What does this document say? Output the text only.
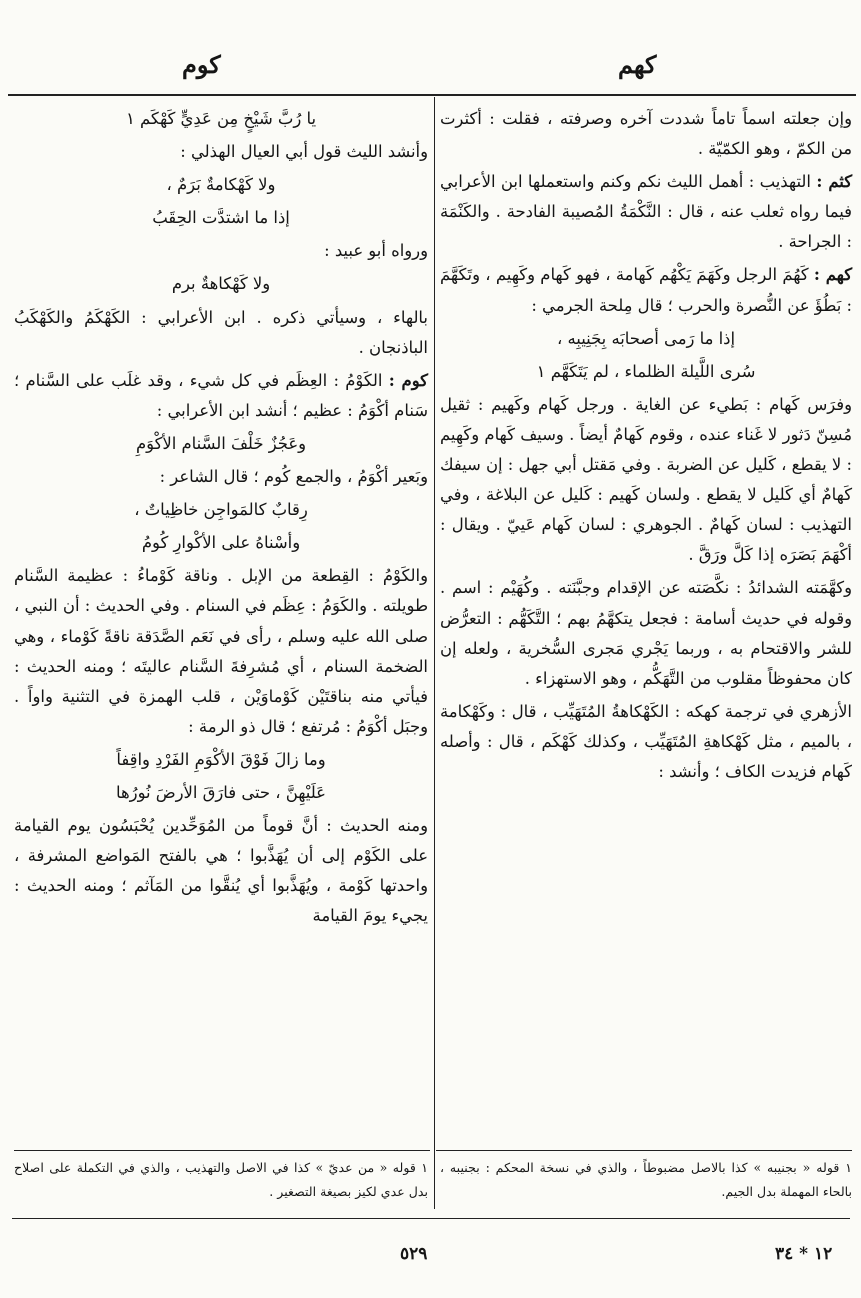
كهم
كوم

وإن جعلته اسماً تاماً شددت آخره وصرفته ، فقلت : أكثرت من الكمّ ، وهو الكمّيّة .

كثم : التهذيب : أهمل الليث نكم وكنم واستعملها ابن الأعرابي فيما رواه ثعلب عنه ، قال : النَّكْمَةُ المُصيبة الفادحة . والكَنْمَة : الجراحة .

كهم : كَهُمَ الرجل وكَهَمَ يَكْهُم كَهامة ، فهو كَهام وكَهِيم ، وتَكَهَّمَ : بَطُؤَ عن النُّصرة والحرب ؛ قال مِلحة الجرمي :

إذا ما رَمى أصحابَه بِجَنِيبِه ،

سُرى اللَّيلة الظلماء ، لم يَتَكَهَّم ١

وفرَس كَهام : بَطيء عن الغاية . ورجل كَهام وكَهيم : ثقيل مُسِنّ دَثور لا غَناء عنده ، وقوم كَهامٌ أيضاً . وسيف كَهام وكَهِيم : لا يقطع ، كَليل عن الضربة . وفي مَقتل أبي جهل : إن سيفك كَهامٌ أي كَليل لا يقطع . ولسان كَهيم : كَليل عن البلاغة ، وفي التهذيب : لسان كَهامٌ . الجوهري : لسان كَهام عَييّ . ويقال : أكْهَمَ بَصَرَه إذا كَلَّ ورَقَّ .

وكهَّمَته الشدائدُ : نكَّصَته عن الإقدام وجبَّنَته . وكُهَيْم : اسم . وقوله في حديث أسامة : فجعل يتكهَّمُ بهم ؛ التَّكَهُّم : التعرُّض للشر والاقتحام به ، وربما يَجْري مَجرى السُّخرية ، ولعله إن كان محفوظاً مقلوب من التَّهَكُّم ، وهو الاستهزاء .

الأزهري في ترجمة كهكه : الكَهْكاهةُ المُتَهَيِّب ، قال : وكَهْكامة ، بالميم ، مثل كَهْكاهةِ المُتَهَيِّب ، وكذلك كَهْكَم ، قال : وأصله كَهام فزيدت الكاف ؛ وأنشد :

يا رُبَّ شَيْخٍ مِن عَدِيٍّ كَهْكَم ١

وأنشد الليث قول أبي العيال الهذلي :

ولا كَهْكامةٌ بَرَمٌ ،

إذا ما اشتدَّت الحِقَبُ

ورواه أبو عبيد :

ولا كَهْكاهةٌ برم

بالهاء ، وسيأتي ذكره . ابن الأعرابي : الكَهْكَمُ والكَهْكَبُ الباذنجان .

كوم : الكَوْمُ : العِظَم في كل شيء ، وقد غلَب على السَّنام ؛ سَنام أكْوَمُ : عظيم ؛ أنشد ابن الأعرابي :

وعَجُزٌ خَلْفَ السَّنام الأكْوَمِ

وبَعير أكْوَمُ ، والجمع كُوم ؛ قال الشاعر :

رِقابٌ كالمَواجِن خاظِياتٌ ،

وأسْناهُ على الأكْوارِ كُومُ

والكَوْمُ : القِطعة من الإبل . وناقة كَوْماءُ : عظيمة السَّنام طويلته . والكَوَمُ : عِظَم في السنام . وفي الحديث : أن النبي ، صلى الله عليه وسلم ، رأى في نَعَم الصَّدَقة ناقةً كَوْماء ، وهي الضخمة السنام ، أي مُشرِفةَ السَّنام عاليتَه ؛ ومنه الحديث : فيأتي منه بناقتَيْن كَوْماوَيْن ، قلب الهمزة في التثنية واواً . وجبَل أكْوَمُ : مُرتفع ؛ قال ذو الرمة :

وما زالَ فَوْقَ الأكْوَمِ الفَرْدِ واقِفاً

عَلَيْهِنَّ ، حتى فارَقَ الأرضَ نُورُها

ومنه الحديث : أنَّ قوماً من المُوَحِّدين يُحْبَسُون يوم القيامة على الكَوْم إلى أن يُهَذَّبوا ؛ هي بالفتح المَواضع المشرفة ، واحدتها كَوْمة ، ويُهَذَّبوا أي يُنقَّوا من المَآثم ؛ ومنه الحديث : يجيء يومَ القيامة

١ قوله « بجنيبه » كذا بالاصل مضبوطاً ، والذي في نسخة المحكم : بجنيبه ، بالحاء المهملة بدل الجيم.
١ قوله « من عديّ » كذا في الاصل والتهذيب ، والذي في التكملة على اصلاح بدل عدي لكيز بصيغة التصغير .
٥٢٩	١٢ * ٣٤
